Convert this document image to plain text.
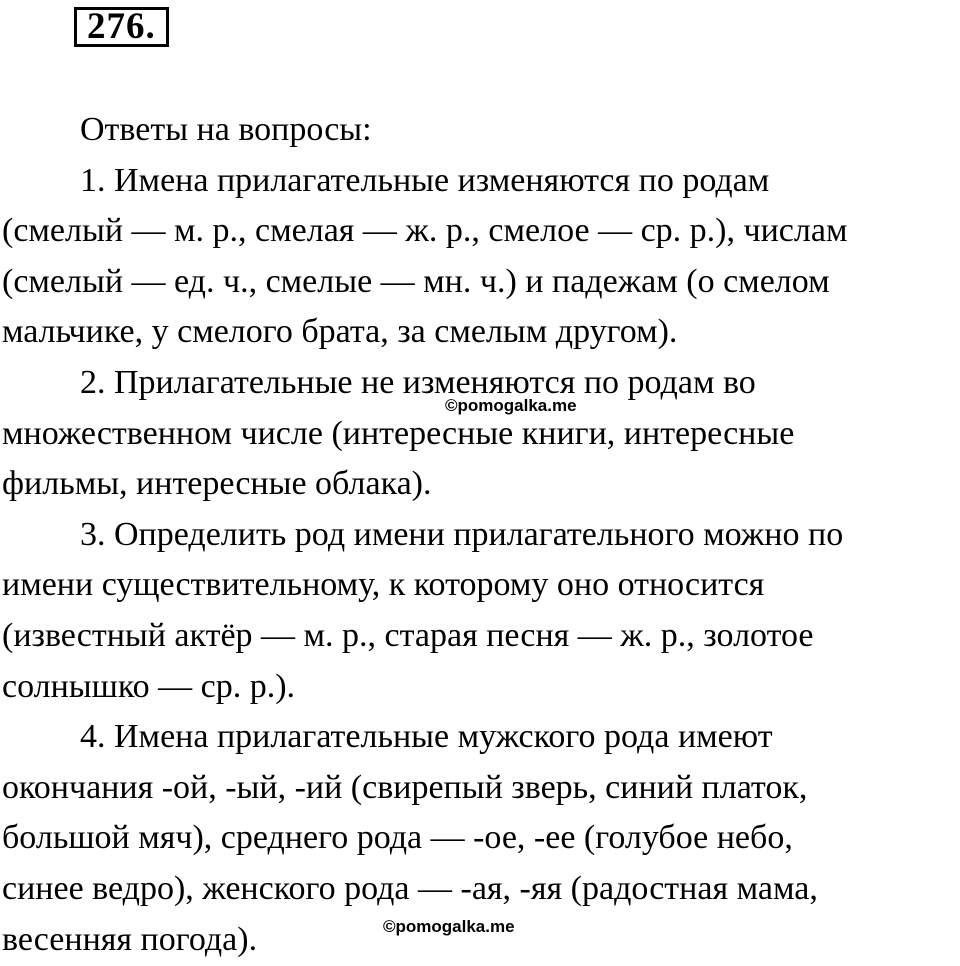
276.

Ответы на вопросы:

1. Имена прилагательные изменяются по родам

(смелый — м. р., смелая — ж. р., смелое — ср. р.), числам
(смелый — ед. ч., смелые — мн. ч.) и падежам (о смелом
мальчике, у смелого брата, за смелым другом).

2. Прилагательные не изменяются по родам во

множественном числе (интересные книги, интересные
фильмы, интересные облака).

3. Определить род имени прилагательного можно по

имени существительному, к которому оно относится
(известный актёр — м. р., старая песня — ж. р., золотое
солнышко — ср. р.).

4. Имена прилагательные мужского рода имеют

окончания -ой, -ый, -ий (свирепый зверь, синий платок,
большой мяч), среднего рода — -ое, -ее (голубое небо,
синее ведро), женского рода — -ая, -яя (радостная мама,
весенняя погода).
©pomogalka.me
©pomogalka.me
